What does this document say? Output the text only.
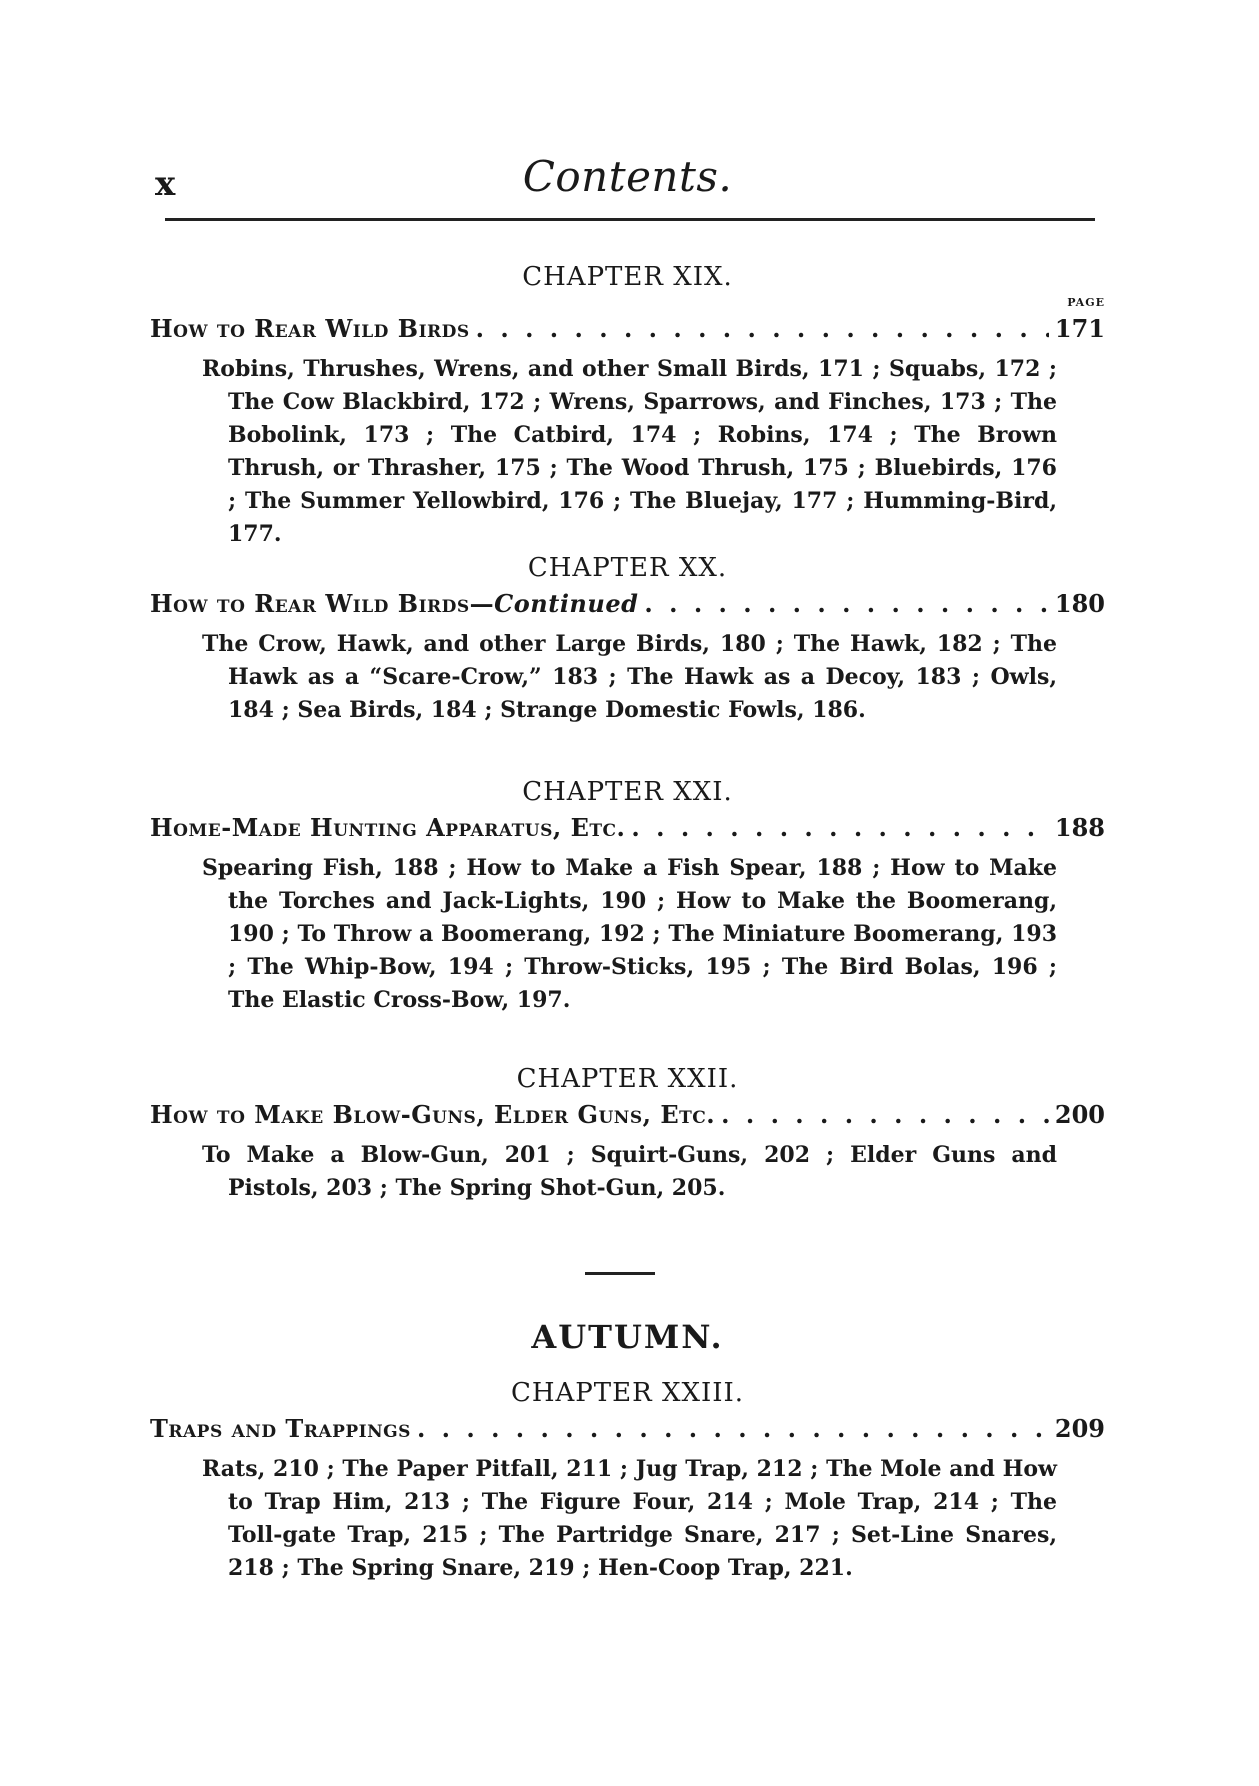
x	Contents.
CHAPTER XIX.
PAGE
How to Rear Wild Birds . . .	171
Robins, Thrushes, Wrens, and other Small Birds, 171 ; Squabs, 172 ; The Cow Blackbird, 172 ; Wrens, Sparrows, and Finches, 173 ; The Bobolink, 173 ; The Catbird, 174 ; Robins, 174 ; The Brown Thrush, or Thrasher, 175 ; The Wood Thrush, 175 ; Bluebirds, 176 ; The Summer Yellowbird, 176 ; The Bluejay, 177 ; Humming-Bird, 177.
CHAPTER XX.
How to Rear Wild Birds—Continued . . .	180
The Crow, Hawk, and other Large Birds, 180 ; The Hawk, 182 ; The Hawk as a “Scare-Crow,” 183 ; The Hawk as a Decoy, 183 ; Owls, 184 ; Sea Birds, 184 ; Strange Domestic Fowls, 186.
CHAPTER XXI.
Home-Made Hunting Apparatus, Etc. . . .	188
Spearing Fish, 188 ; How to Make a Fish Spear, 188 ; How to Make the Torches and Jack-Lights, 190 ; How to Make the Boomerang, 190 ; To Throw a Boomerang, 192 ; The Miniature Boomerang, 193 ; The Whip-Bow, 194 ; Throw-Sticks, 195 ; The Bird Bolas, 196 ; The Elastic Cross-Bow, 197.
CHAPTER XXII.
How to Make Blow-Guns, Elder Guns, Etc. . . .	200
To Make a Blow-Gun, 201 ; Squirt-Guns, 202 ; Elder Guns and Pistols, 203 ; The Spring Shot-Gun, 205.
AUTUMN.
CHAPTER XXIII.
Traps and Trappings . . .	209
Rats, 210 ; The Paper Pitfall, 211 ; Jug Trap, 212 ; The Mole and How to Trap Him, 213 ; The Figure Four, 214 ; Mole Trap, 214 ; The Toll-gate Trap, 215 ; The Partridge Snare, 217 ; Set-Line Snares, 218 ; The Spring Snare, 219 ; Hen-Coop Trap, 221.
